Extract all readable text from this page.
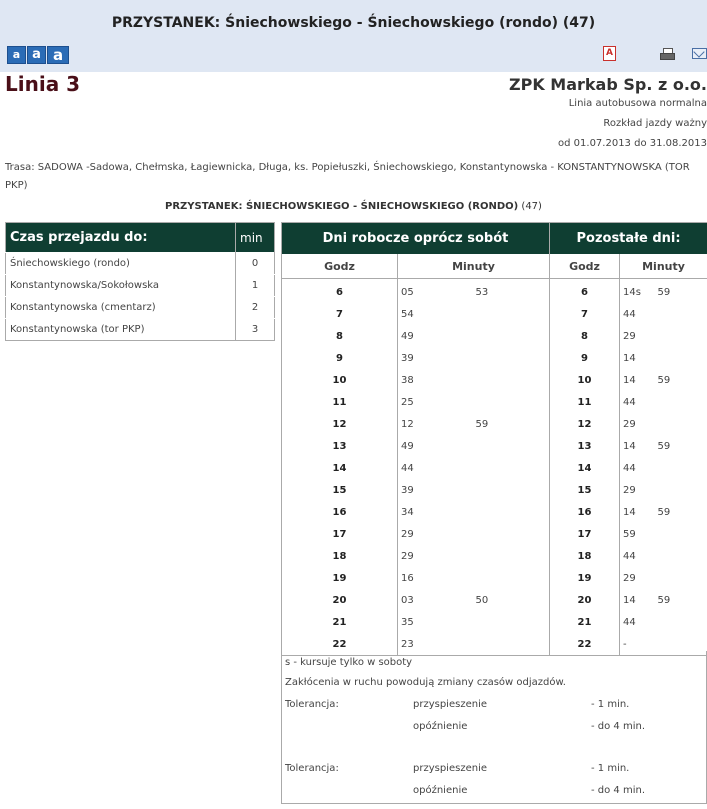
PRZYSTANEK: Śniechowskiego - Śniechowskiego (rondo) (47)
a a a	A
Linia 3	ZPK Markab Sp. z o.o.
Linia autobusowa normalna
Rozkład jazdy ważny
od 01.07.2013 do 31.08.2013
Trasa: SADOWA -Sadowa, Chełmska, Łagiewnicka, Długa, ks. Popiełuszki, Śniechowskiego, Konstantynowska - KONSTANTYNOWSKA (TOR PKP)
PRZYSTANEK: ŚNIECHOWSKIEGO - ŚNIECHOWSKIEGO (RONDO) (47)
Czas przejazdu do:	min
Śniechowskiego (rondo)	0
Konstantynowska/Sokołowska	1
Konstantynowska (cmentarz)	2
Konstantynowska (tor PKP)	3
Dni robocze oprócz sobót			Pozostałe dni:		
Godz	Minuty		Godz	Minuty	
6	05	53	6	14s	59
7	54		7	44	
8	49		8	29	
9	39		9	14	
10	38		10	14	59
11	25		11	44	
12	12	59	12	29	
13	49		13	14	59
14	44		14	44	
15	39		15	29	
16	34		16	14	59
17	29		17	59	
18	29		18	44	
19	16		19	29	
20	03	50	20	14	59
21	35		21	44	
22	23		22	-	
s - kursuje tylko w soboty
Zakłócenia w ruchu powodują zmiany czasów odjazdów.
Tolerancja:	przyspieszenie	- 1 min.
opóźnienie	- do 4 min.
Tolerancja:	przyspieszenie	- 1 min.
opóźnienie	- do 4 min.
